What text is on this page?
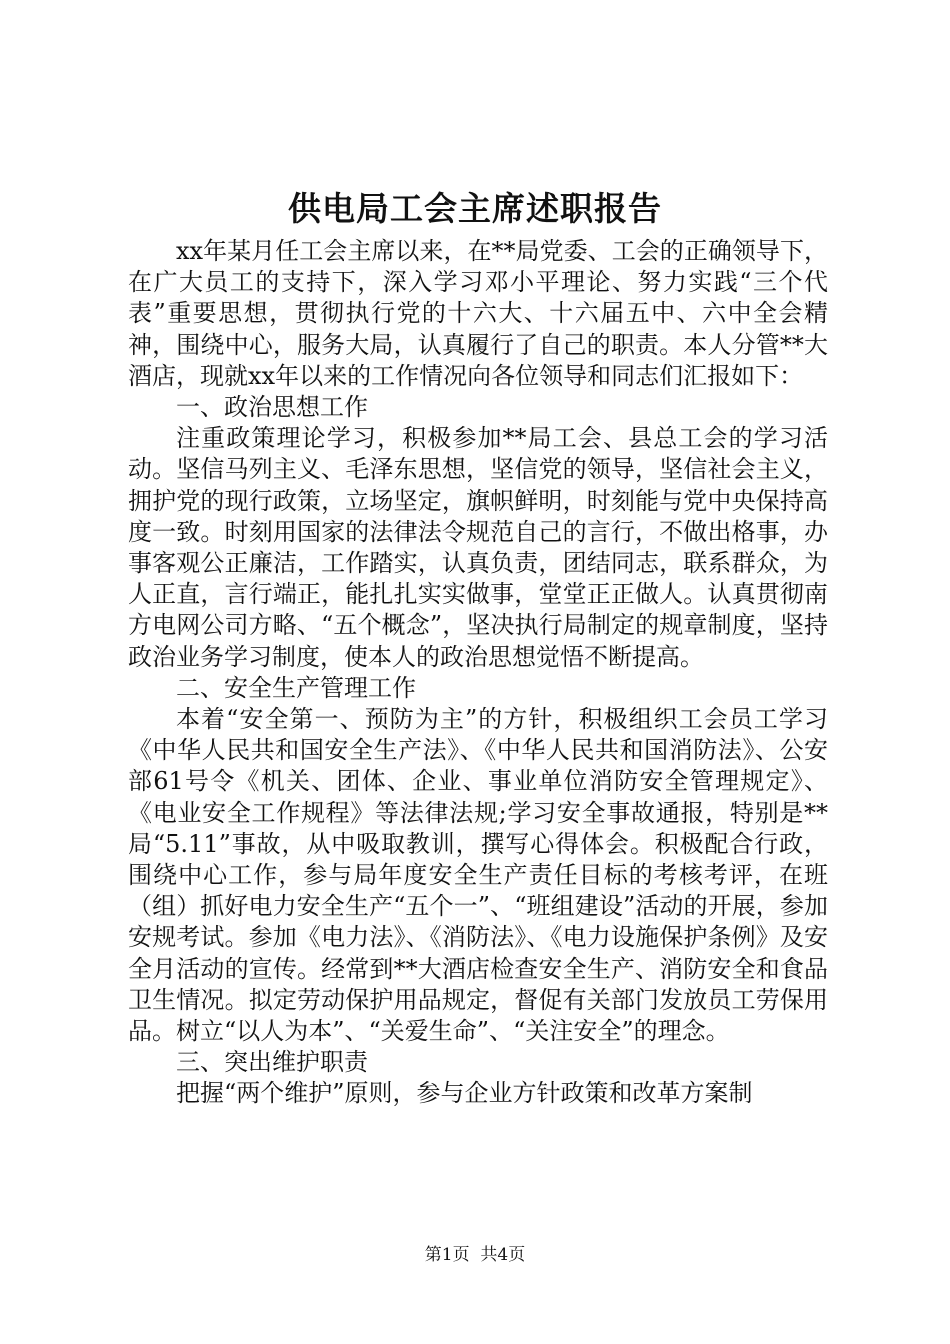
供电局工会主席述职报告

xx年某月任工会主席以来，在**局党委、工会的正确领导下，在广大员工的支持下，深入学习邓小平理论、努力实践“三个代表”重要思想，贯彻执行党的十六大、十六届五中、六中全会精神，围绕中心，服务大局，认真履行了自己的职责。本人分管**大酒店，现就xx年以来的工作情况向各位领导和同志们汇报如下：

一、政治思想工作

注重政策理论学习，积极参加**局工会、县总工会的学习活动。坚信马列主义、毛泽东思想，坚信党的领导，坚信社会主义，拥护党的现行政策，立场坚定，旗帜鲜明，时刻能与党中央保持高度一致。时刻用国家的法律法令规范自己的言行，不做出格事，办事客观公正廉洁，工作踏实，认真负责，团结同志，联系群众，为人正直，言行端正，能扎扎实实做事，堂堂正正做人。认真贯彻南方电网公司方略、“五个概念”，坚决执行局制定的规章制度，坚持政治业务学习制度，使本人的政治思想觉悟不断提高。

二、安全生产管理工作

本着“安全第一、预防为主”的方针，积极组织工会员工学习《中华人民共和国安全生产法》、《中华人民共和国消防法》、公安部61号令《机关、团体、企业、事业单位消防安全管理规定》、《电业安全工作规程》等法律法规;学习安全事故通报，特别是**局“5.11”事故，从中吸取教训，撰写心得体会。积极配合行政，围绕中心工作，参与局年度安全生产责任目标的考核考评，在班（组）抓好电力安全生产“五个一”、“班组建设”活动的开展，参加安规考试。参加《电力法》、《消防法》、《电力设施保护条例》及安全月活动的宣传。经常到**大酒店检查安全生产、消防安全和食品卫生情况。拟定劳动保护用品规定，督促有关部门发放员工劳保用品。树立“以人为本”、“关爱生命”、“关注安全”的理念。

三、突出维护职责

把握“两个维护”原则，参与企业方针政策和改革方案制

第1页  共4页
